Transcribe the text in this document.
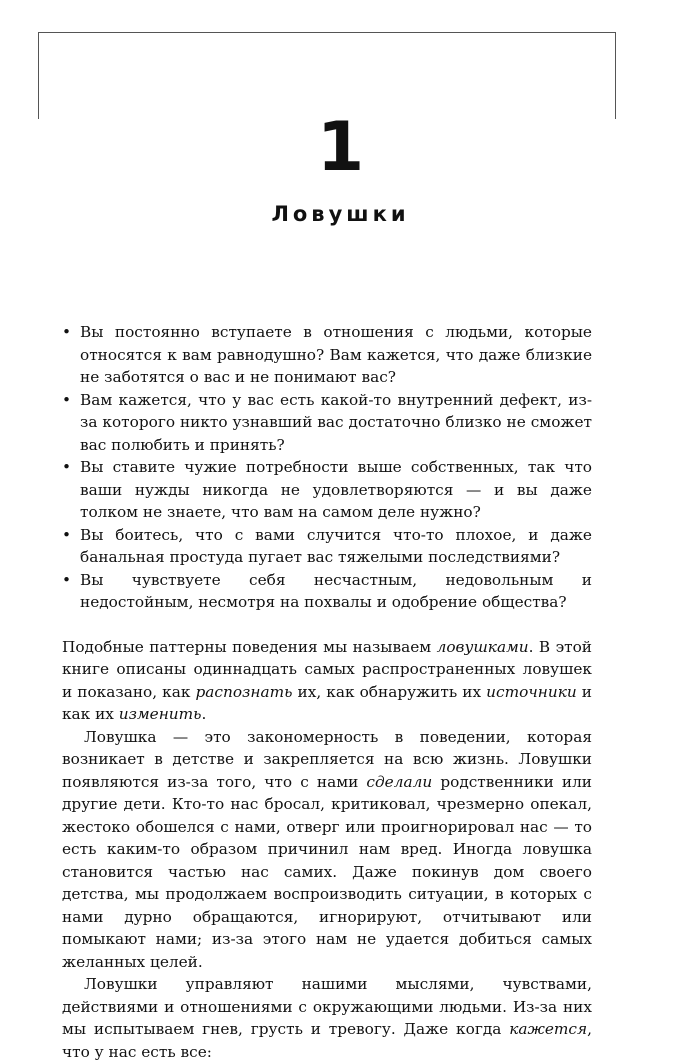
1
Ловушки
• Вы постоянно вступаете в отношения с людьми, которые относятся к вам равнодушно? Вам кажется, что даже близкие не заботятся о вас и не понимают вас?
• Вам кажется, что у вас есть какой-то внутренний дефект, из-за которого никто узнавший вас достаточно близко не сможет вас полюбить и принять?
• Вы ставите чужие потребности выше собственных, так что ваши нужды никогда не удовлетворяются — и вы даже толком не знаете, что вам на самом деле нужно?
• Вы боитесь, что с вами случится что-то плохое, и даже банальная простуда пугает вас тяжелыми последствиями?
• Вы чувствуете себя несчастным, недовольным и недостойным, несмотря на похвалы и одобрение общества?

Подобные паттерны поведения мы называем ловушками. В этой книге описаны одиннадцать самых распространенных ловушек и показано, как распознать их, как обнаружить их источники и как их изменить.

Ловушка — это закономерность в поведении, которая возникает в детстве и закрепляется на всю жизнь. Ловушки появляются из-за того, что с нами сделали родственники или другие дети. Кто-то нас бросал, критиковал, чрезмерно опекал, жестоко обошелся с нами, отверг или проигнорировал нас — то есть каким-то образом причинил нам вред. Иногда ловушка становится частью нас самих. Даже покинув дом своего детства, мы продолжаем воспроизводить ситуации, в которых с нами дурно обращаются, игнорируют, отчитывают или помыкают нами; из-за этого нам не удается добиться самых желанных целей.

Ловушки управляют нашими мыслями, чувствами, действиями и отношениями с окружающими людьми. Из-за них мы испытываем гнев, грусть и тревогу. Даже когда кажется, что у нас есть все:
